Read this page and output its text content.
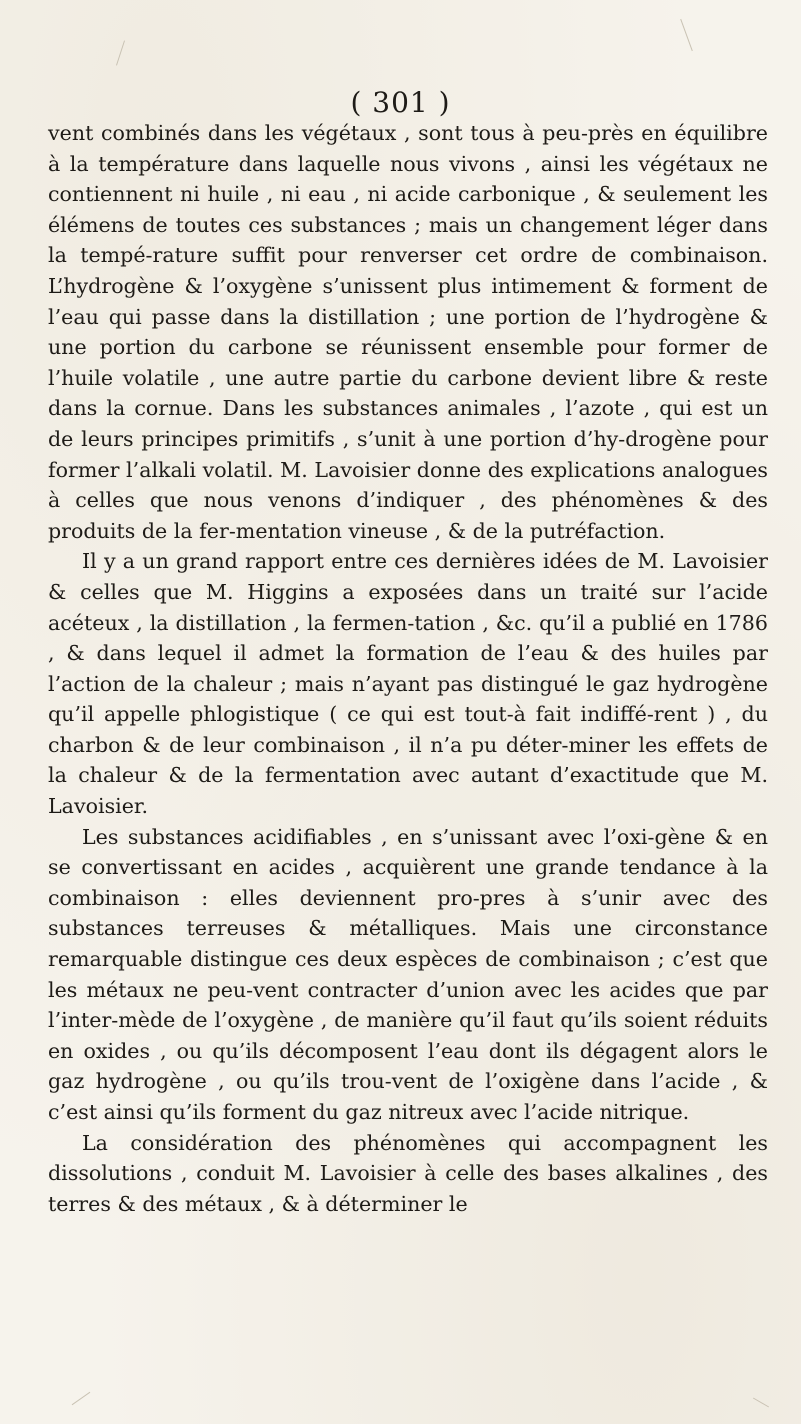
( 301 )

vent combinés dans les végétaux , sont tous à peu-près en équilibre à la température dans laquelle nous vivons , ainsi les végétaux ne contiennent ni huile , ni eau , ni acide carbonique , & seulement les élémens de toutes ces substances ; mais un changement léger dans la tempé-rature suffit pour renverser cet ordre de combinaison. L’hydrogène & l’oxygène s’unissent plus intimement & forment de l’eau qui passe dans la distillation ; une portion de l’hydrogène & une portion du carbone se réunissent ensemble pour former de l’huile volatile , une autre partie du carbone devient libre & reste dans la cornue. Dans les substances animales , l’azote , qui est un de leurs principes primitifs , s’unit à une portion d’hy-drogène pour former l’alkali volatil. M. Lavoisier donne des explications analogues à celles que nous venons d’indiquer , des phénomènes & des produits de la fer-mentation vineuse , & de la putréfaction.

Il y a un grand rapport entre ces dernières idées de M. Lavoisier & celles que M. Higgins a exposées dans un traité sur l’acide acéteux , la distillation , la fermen-tation , &c. qu’il a publié en 1786 , & dans lequel il admet la formation de l’eau & des huiles par l’action de la chaleur ; mais n’ayant pas distingué le gaz hydrogène qu’il appelle phlogistique ( ce qui est tout-à fait indiffé-rent ) , du charbon & de leur combinaison , il n’a pu déter-miner les effets de la chaleur & de la fermentation avec autant d’exactitude que M. Lavoisier.

Les substances acidifiables , en s’unissant avec l’oxi-gène & en se convertissant en acides , acquièrent une grande tendance à la combinaison : elles deviennent pro-pres à s’unir avec des substances terreuses & métalliques. Mais une circonstance remarquable distingue ces deux espèces de combinaison ; c’est que les métaux ne peu-vent contracter d’union avec les acides que par l’inter-mède de l’oxygène , de manière qu’il faut qu’ils soient réduits en oxides , ou qu’ils décomposent l’eau dont ils dégagent alors le gaz hydrogène , ou qu’ils trou-vent de l’oxigène dans l’acide , & c’est ainsi qu’ils forment du gaz nitreux avec l’acide nitrique.

La considération des phénomènes qui accompagnent les dissolutions , conduit M. Lavoisier à celle des bases alkalines , des terres & des métaux , & à déterminer le
